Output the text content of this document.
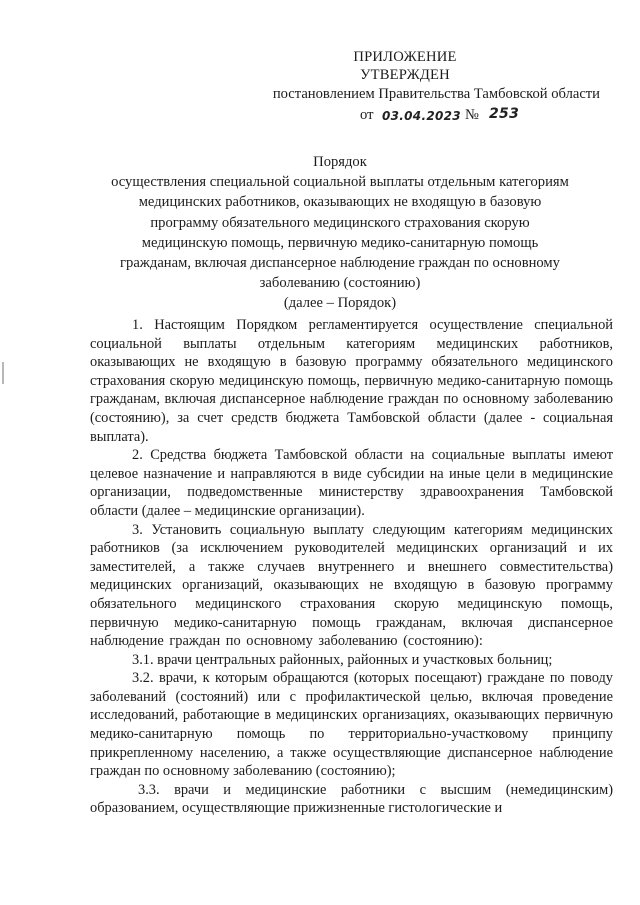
ПРИЛОЖЕНИЕ
УТВЕРЖДЕН
постановлением Правительства Тамбовской области
от 03.04.2023 № 253
Порядок
осуществления специальной социальной выплаты отдельным категориям
медицинских работников, оказывающих не входящую в базовую
программу обязательного медицинского страхования скорую
медицинскую помощь, первичную медико-санитарную помощь
гражданам, включая диспансерное наблюдение граждан по основному
заболеванию (состоянию)
(далее – Порядок)

1. Настоящим Порядком регламентируется осуществление специальной социальной выплаты отдельным категориям медицинских работников, оказывающих не входящую в базовую программу обязательного медицинского страхования скорую медицинскую помощь, первичную медико-санитарную помощь гражданам, включая диспансерное наблюдение граждан по основному заболеванию (состоянию), за счет средств бюджета Тамбовской области (далее - социальная выплата).

2. Средства бюджета Тамбовской области на социальные выплаты имеют целевое назначение и направляются в виде субсидии на иные цели в медицинские организации, подведомственные министерству здравоохранения Тамбовской области (далее – медицинские организации).

3. Установить социальную выплату следующим категориям медицинских работников (за исключением руководителей медицинских организаций и их заместителей, а также случаев внутреннего и внешнего совместительства) медицинских организаций, оказывающих не входящую в базовую программу обязательного медицинского страхования скорую медицинскую помощь, первичную медико-санитарную помощь гражданам, включая диспансерное наблюдение граждан по основному заболеванию (состоянию):

3.1. врачи центральных районных, районных и участковых больниц;

3.2. врачи, к которым обращаются (которых посещают) граждане по поводу заболеваний (состояний) или с профилактической целью, включая проведение исследований, работающие в медицинских организациях, оказывающих первичную медико-санитарную помощь по территориально-участковому принципу прикрепленному населению, а также осуществляющие диспансерное наблюдение граждан по основному заболеванию (состоянию);

3.3. врачи и медицинские работники с высшим (немедицинским) образованием, осуществляющие прижизненные гистологические и
